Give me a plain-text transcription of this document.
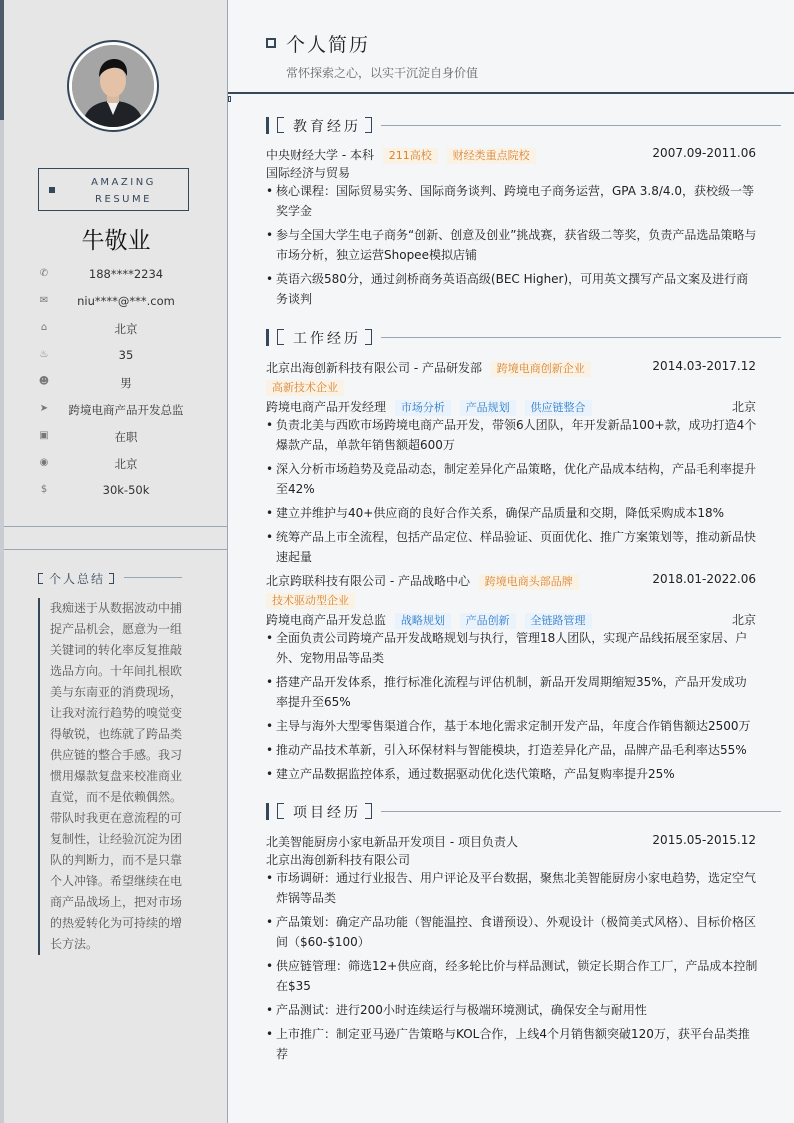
AMAZING
RESUME
牛敬业
✆	188****2234
✉	niu****@***.com
⌂	北京
♨	35
☻	男
➤	跨境电商产品开发总监
▣	在职
◉	北京
$	30k-50k
个人总结
我痴迷于从数据波动中捕捉产品机会，愿意为一组关键词的转化率反复推敲选品方向。十年间扎根欧美与东南亚的消费现场，让我对流行趋势的嗅觉变得敏锐，也练就了跨品类供应链的整合手感。我习惯用爆款复盘来校准商业直觉，而不是依赖偶然。带队时我更在意流程的可复制性，让经验沉淀为团队的判断力，而不是只靠个人冲锋。希望继续在电商产品战场上，把对市场的热爱转化为可持续的增长方法。
个人简历
常怀探索之心，以实干沉淀自身价值
教育经历
中央财经大学 - 本科 211高校 财经类重点院校	2007.09-2011.06
国际经济与贸易
• 核心课程：国际贸易实务、国际商务谈判、跨境电子商务运营，GPA 3.8/4.0，获校级一等奖学金
• 参与全国大学生电子商务“创新、创意及创业”挑战赛，获省级二等奖，负责产品选品策略与市场分析，独立运营Shopee模拟店铺
• 英语六级580分，通过剑桥商务英语高级(BEC Higher)，可用英文撰写产品文案及进行商务谈判
工作经历
北京出海创新科技有限公司 - 产品研发部 跨境电商创新企业	2014.03-2017.12
高新技术企业
跨境电商产品开发经理 市场分析 产品规划 供应链整合	北京
• 负责北美与西欧市场跨境电商产品开发，带领6人团队，年开发新品100+款，成功打造4个爆款产品，单款年销售额超600万
• 深入分析市场趋势及竞品动态，制定差异化产品策略，优化产品成本结构，产品毛利率提升至42%
• 建立并维护与40+供应商的良好合作关系，确保产品质量和交期，降低采购成本18%
• 统筹产品上市全流程，包括产品定位、样品验证、页面优化、推广方案策划等，推动新品快速起量
北京跨联科技有限公司 - 产品战略中心 跨境电商头部品牌	2018.01-2022.06
技术驱动型企业
跨境电商产品开发总监 战略规划 产品创新 全链路管理	北京
• 全面负责公司跨境产品开发战略规划与执行，管理18人团队，实现产品线拓展至家居、户外、宠物用品等品类
• 搭建产品开发体系，推行标准化流程与评估机制，新品开发周期缩短35%，产品开发成功率提升至65%
• 主导与海外大型零售渠道合作，基于本地化需求定制开发产品，年度合作销售额达2500万
• 推动产品技术革新，引入环保材料与智能模块，打造差异化产品，品牌产品毛利率达55%
• 建立产品数据监控体系，通过数据驱动优化迭代策略，产品复购率提升25%
项目经历
北美智能厨房小家电新品开发项目 - 项目负责人	2015.05-2015.12
北京出海创新科技有限公司
• 市场调研：通过行业报告、用户评论及平台数据，聚焦北美智能厨房小家电趋势，选定空气炸锅等品类
• 产品策划：确定产品功能（智能温控、食谱预设）、外观设计（极简美式风格）、目标价格区间（$60-$100）
• 供应链管理：筛选12+供应商，经多轮比价与样品测试，锁定长期合作工厂，产品成本控制在$35
• 产品测试：进行200小时连续运行与极端环境测试，确保安全与耐用性
• 上市推广：制定亚马逊广告策略与KOL合作，上线4个月销售额突破120万，获平台品类推荐
